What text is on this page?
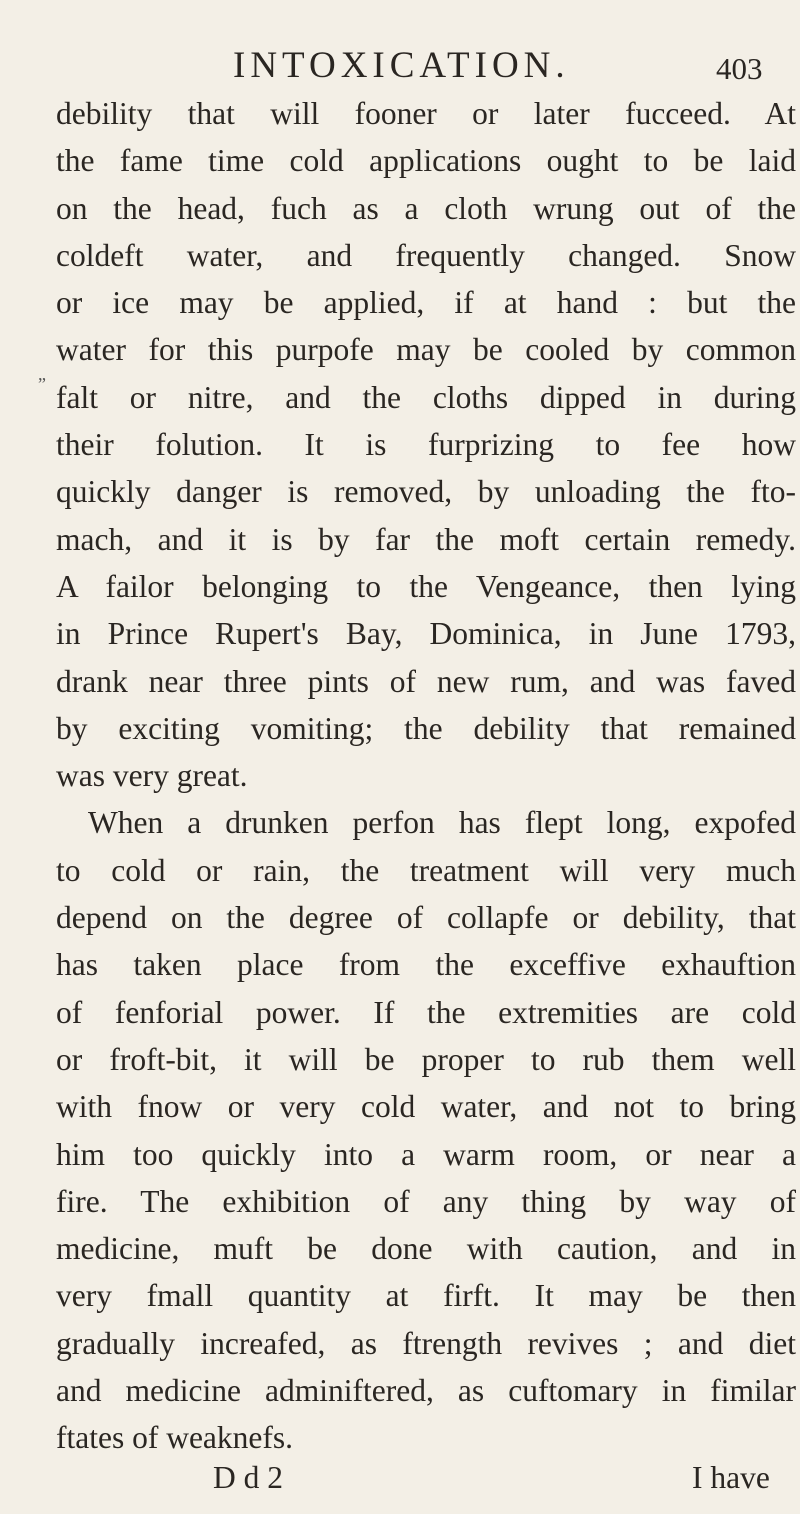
INTOXICATION.	403
„
debility that will fooner or later fucceed. At
the fame time cold applications ought to be laid
on the head, fuch as a cloth wrung out of the
coldeft water, and frequently changed. Snow
or ice may be applied, if at hand : but the
water for this purpofe may be cooled by common
falt or nitre, and the cloths dipped in during
their folution. It is furprizing to fee how
quickly danger is removed, by unloading the fto-
mach, and it is by far the moft certain remedy.
A failor belonging to the Vengeance, then lying
in Prince Rupert's Bay, Dominica, in June 1793,
drank near three pints of new rum, and was faved
by exciting vomiting; the debility that remained
was very great.
When a drunken perfon has flept long, expofed
to cold or rain, the treatment will very much
depend on the degree of collapfe or debility, that
has taken place from the exceffive exhauftion
of fenforial power. If the extremities are cold
or froft-bit, it will be proper to rub them well
with fnow or very cold water, and not to bring
him too quickly into a warm room, or near a
fire. The exhibition of any thing by way of
medicine, muft be done with caution, and in
very fmall quantity at firft. It may be then
gradually increafed, as ftrength revives ; and diet
and medicine adminiftered, as cuftomary in fimilar
ftates of weaknefs.
D d 2	I have
